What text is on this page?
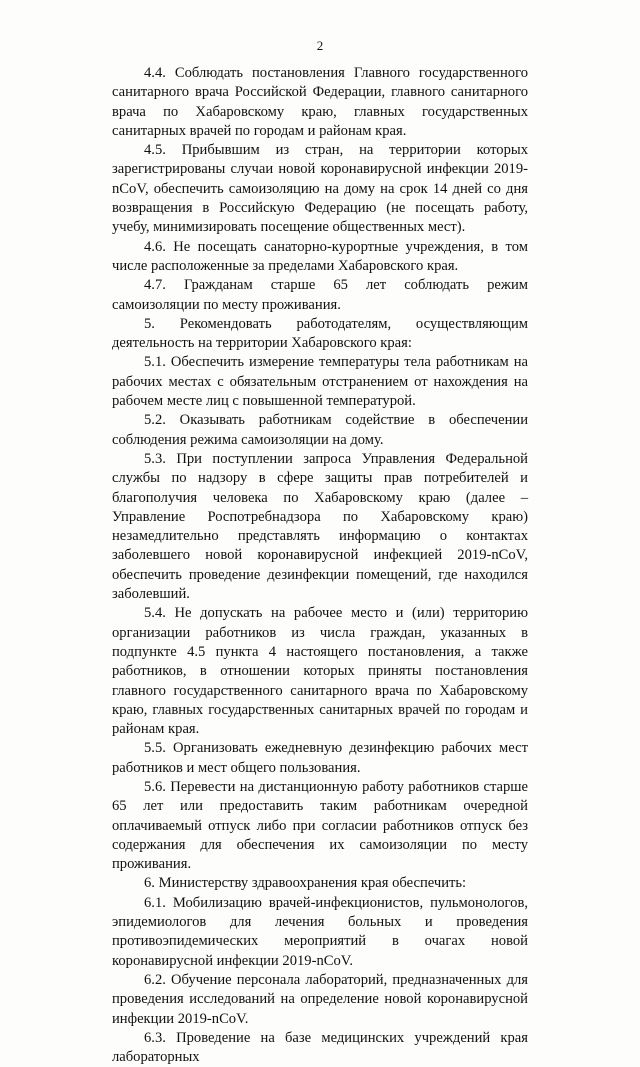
2

4.4. Соблюдать постановления Главного государственного санитарного врача Российской Федерации, главного санитарного врача по Хабаровскому краю, главных государственных санитарных врачей по городам и районам края.

4.5. Прибывшим из стран, на территории которых зарегистрированы случаи новой коронавирусной инфекции 2019-nCoV, обеспечить самоизоляцию на дому на срок 14 дней со дня возвращения в Российскую Федерацию (не посещать работу, учебу, минимизировать посещение общественных мест).

4.6. Не посещать санаторно-курортные учреждения, в том числе расположенные за пределами Хабаровского края.

4.7. Гражданам старше 65 лет соблюдать режим самоизоляции по месту проживания.

5. Рекомендовать работодателям, осуществляющим деятельность на территории Хабаровского края:

5.1. Обеспечить измерение температуры тела работникам на рабочих местах с обязательным отстранением от нахождения на рабочем месте лиц с повышенной температурой.

5.2. Оказывать работникам содействие в обеспечении соблюдения режима самоизоляции на дому.

5.3. При поступлении запроса Управления Федеральной службы по надзору в сфере защиты прав потребителей и благополучия человека по Хабаровскому краю (далее – Управление Роспотребнадзора по Хабаровскому краю) незамедлительно представлять информацию о контактах заболевшего новой коронавирусной инфекцией 2019-nCoV, обеспечить проведение дезинфекции помещений, где находился заболевший.

5.4. Не допускать на рабочее место и (или) территорию организации работников из числа граждан, указанных в подпункте 4.5 пункта 4 настоящего постановления, а также работников, в отношении которых приняты постановления главного государственного санитарного врача по Хабаровскому краю, главных государственных санитарных врачей по городам и районам края.

5.5. Организовать ежедневную дезинфекцию рабочих мест работников и мест общего пользования.

5.6. Перевести на дистанционную работу работников старше 65 лет или предоставить таким работникам очередной оплачиваемый отпуск либо при согласии работников отпуск без содержания для обеспечения их самоизоляции по месту проживания.

6. Министерству здравоохранения края обеспечить:

6.1. Мобилизацию врачей-инфекционистов, пульмонологов, эпидемиологов для лечения больных и проведения противоэпидемических мероприятий в очагах новой коронавирусной инфекции 2019-nCoV.

6.2. Обучение персонала лабораторий, предназначенных для проведения исследований на определение новой коронавирусной инфекции 2019-nCoV.

6.3. Проведение на базе медицинских учреждений края лабораторных
